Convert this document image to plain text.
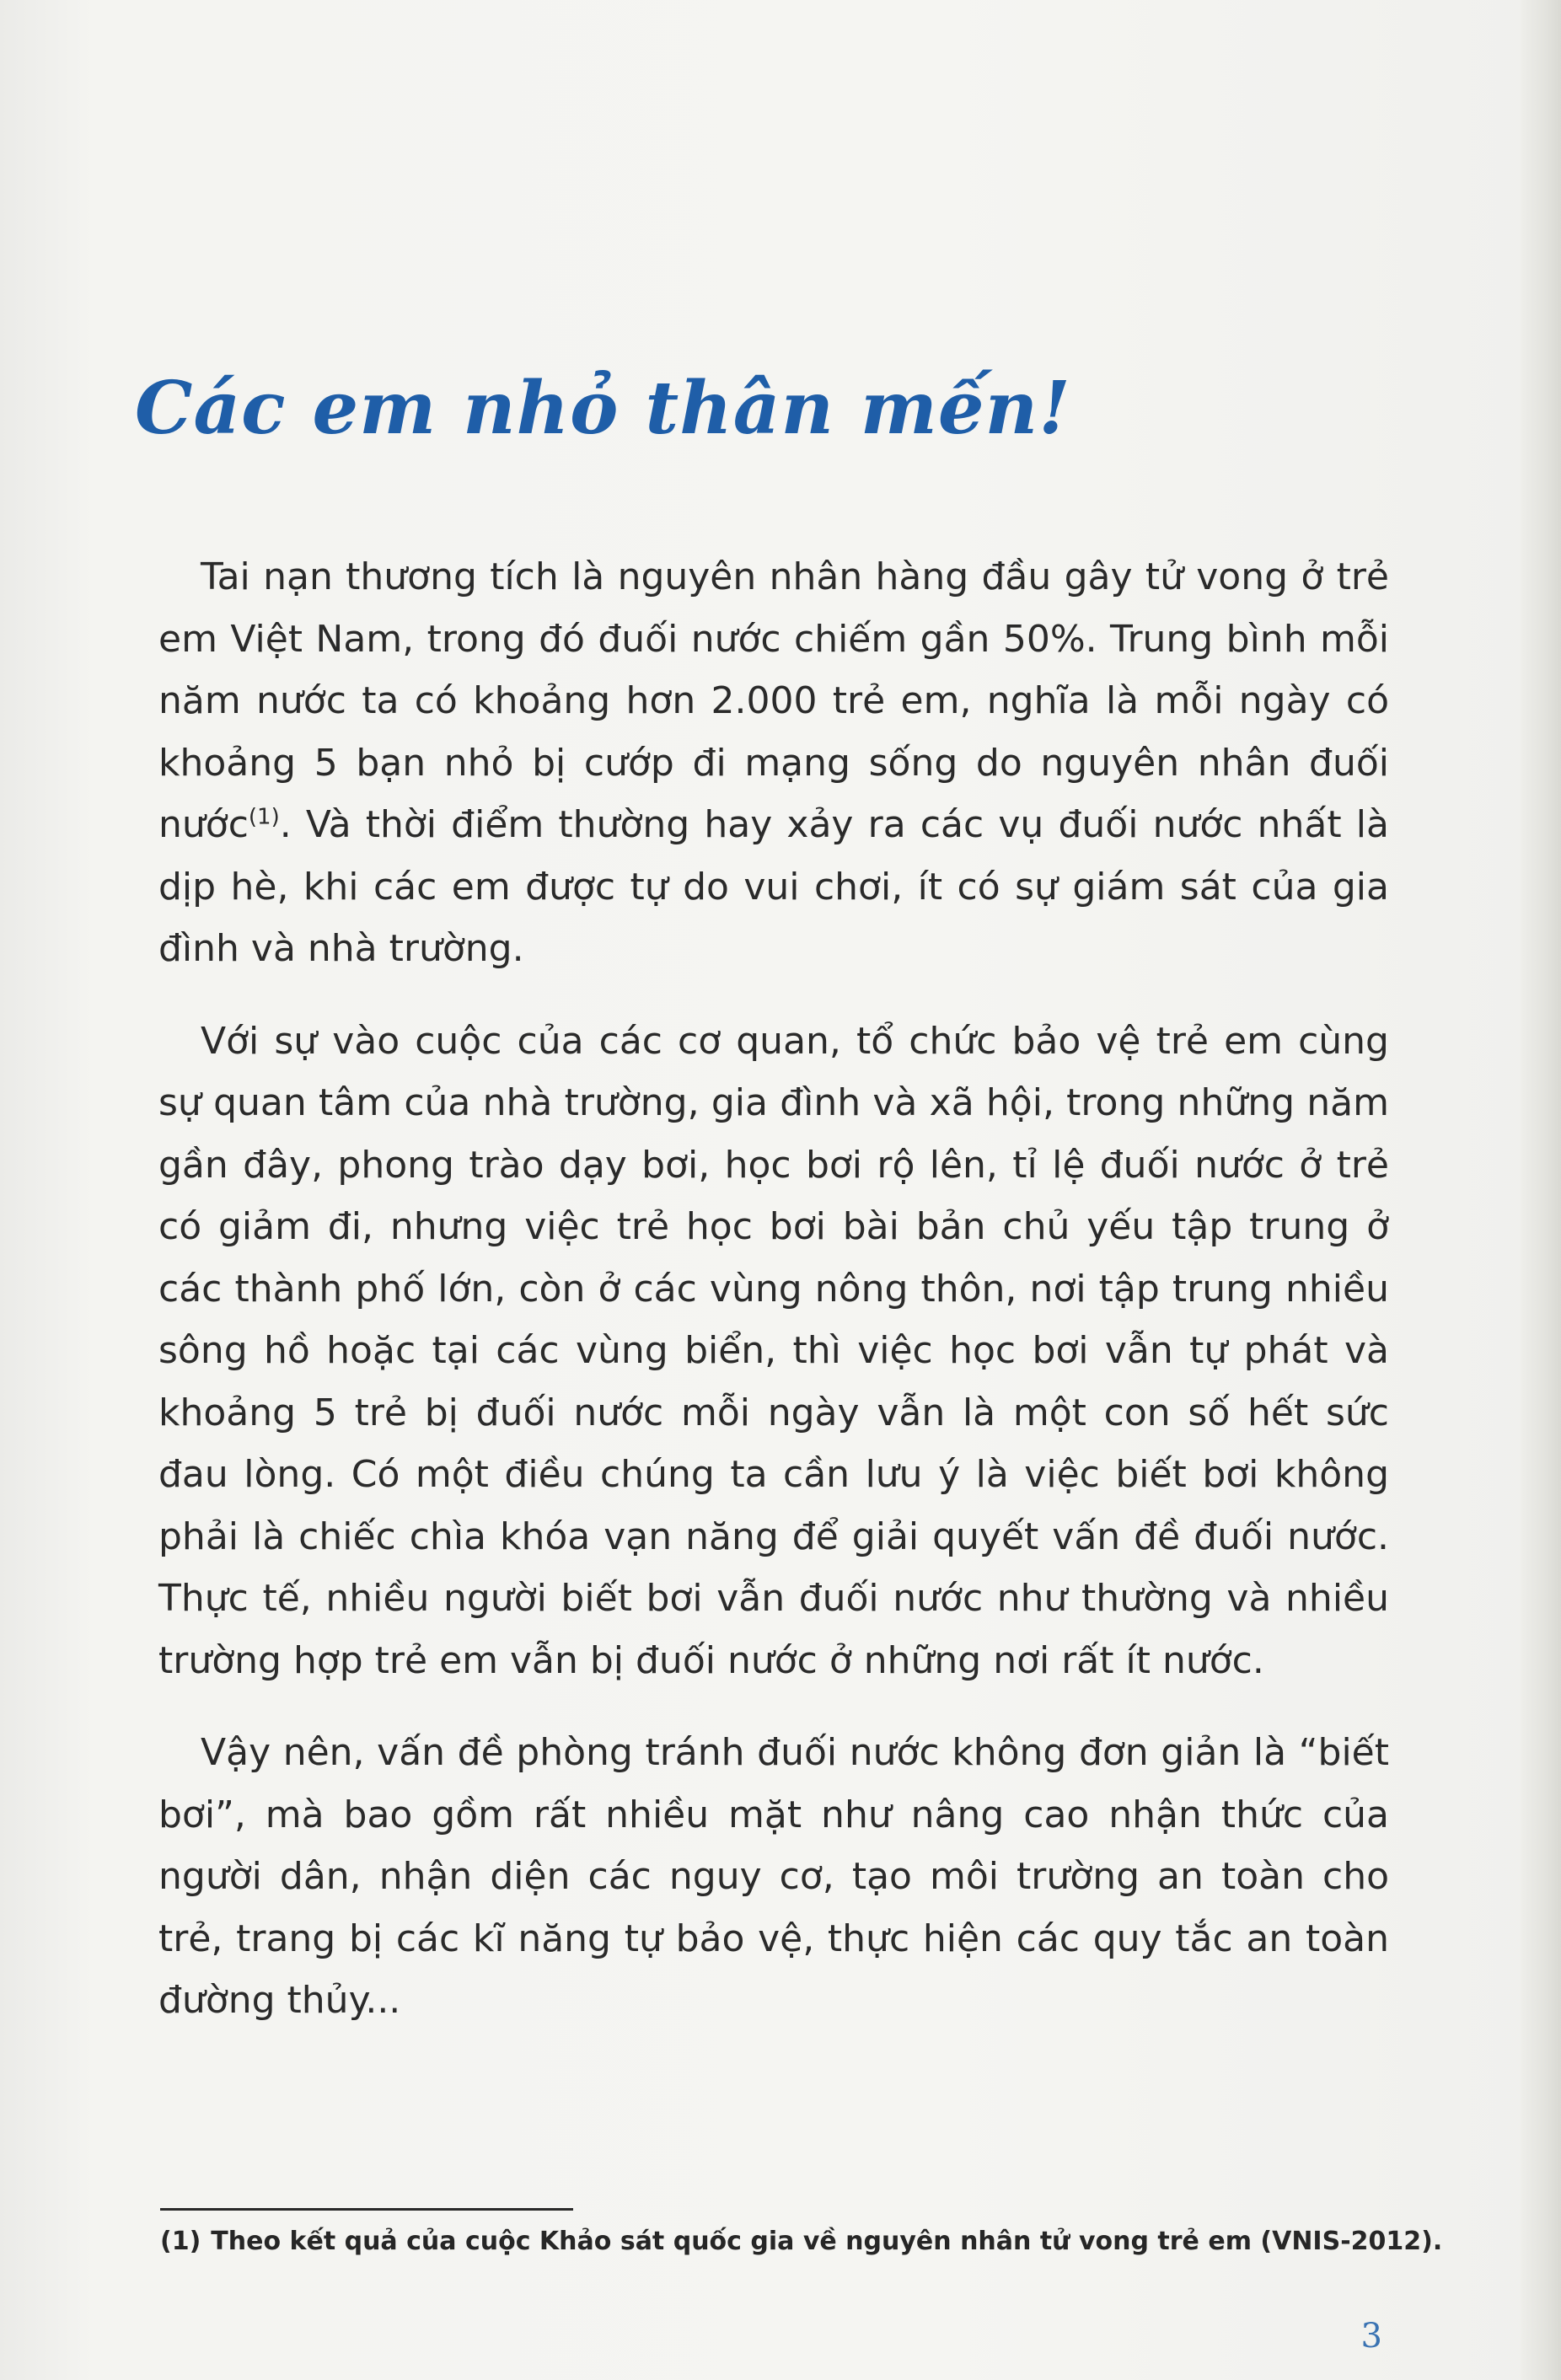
Các em nhỏ thân mến!

Tai nạn thương tích là nguyên nhân hàng đầu gây tử vong ở trẻ em Việt Nam, trong đó đuối nước chiếm gần 50%. Trung bình mỗi năm nước ta có khoảng hơn 2.000 trẻ em, nghĩa là mỗi ngày có khoảng 5 bạn nhỏ bị cướp đi mạng sống do nguyên nhân đuối nước$^{(1)}$. Và thời điểm thường hay xảy ra các vụ đuối nước nhất là dịp hè, khi các em được tự do vui chơi, ít có sự giám sát của gia đình và nhà trường.

Với sự vào cuộc của các cơ quan, tổ chức bảo vệ trẻ em cùng sự quan tâm của nhà trường, gia đình và xã hội, trong những năm gần đây, phong trào dạy bơi, học bơi rộ lên, tỉ lệ đuối nước ở trẻ có giảm đi, nhưng việc trẻ học bơi bài bản chủ yếu tập trung ở các thành phố lớn, còn ở các vùng nông thôn, nơi tập trung nhiều sông hồ hoặc tại các vùng biển, thì việc học bơi vẫn tự phát và khoảng 5 trẻ bị đuối nước mỗi ngày vẫn là một con số hết sức đau lòng. Có một điều chúng ta cần lưu ý là việc biết bơi không phải là chiếc chìa khóa vạn năng để giải quyết vấn đề đuối nước. Thực tế, nhiều người biết bơi vẫn đuối nước như thường và nhiều trường hợp trẻ em vẫn bị đuối nước ở những nơi rất ít nước.

Vậy nên, vấn đề phòng tránh đuối nước không đơn giản là “biết bơi”, mà bao gồm rất nhiều mặt như nâng cao nhận thức của người dân, nhận diện các nguy cơ, tạo môi trường an toàn cho trẻ, trang bị các kĩ năng tự bảo vệ, thực hiện các quy tắc an toàn đường thủy...

(1) Theo kết quả của cuộc Khảo sát quốc gia về nguyên nhân tử vong trẻ em (VNIS-2012).
3
